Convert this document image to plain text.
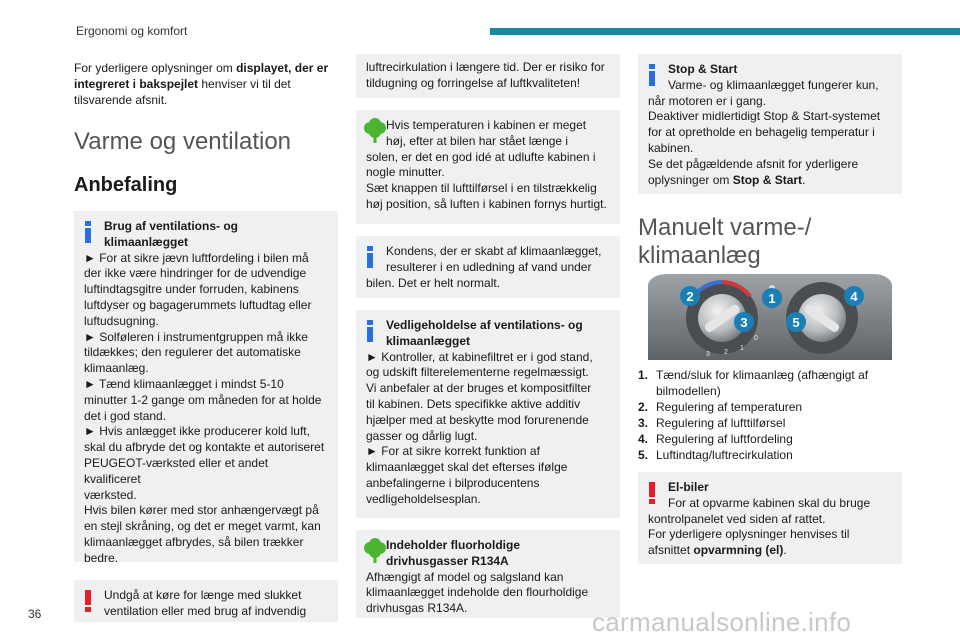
Ergonomi og komfort
For yderligere oplysninger om displayet, der er integreret i bakspejlet henviser vi til det tilsvarende afsnit.
Varme og ventilation
Anbefaling
Brug af ventilations- og
klimaanlægget
► For at sikre jævn luftfordeling i bilen må
der ikke være hindringer for de udvendige
luftindtagsgitre under forruden, kabinens
luftdyser og bagagerummets luftudtag eller
luftudsugning.
► Solføleren i instrumentgruppen må ikke
tildækkes; den regulerer det automatiske
klimaanlæg.
► Tænd klimaanlægget i mindst 5-10
minutter 1-2 gange om måneden for at holde
det i god stand.
► Hvis anlægget ikke producerer kold luft,
skal du afbryde det og kontakte et autoriseret
PEUGEOT-værksted eller et andet kvalificeret
værksted.
Hvis bilen kører med stor anhængervægt på
en stejl skråning, og det er meget varmt, kan
klimaanlægget afbrydes, så bilen trækker
bedre.
Undgå at køre for længe med slukket
ventilation eller med brug af indvendig
luftrecirkulation i længere tid. Der er risiko for
tildugning og forringelse af luftkvaliteten!
Hvis temperaturen i kabinen er meget
høj, efter at bilen har stået længe i
solen, er det en god idé at udlufte kabinen i
nogle minutter.
Sæt knappen til lufttilførsel i en tilstrækkelig
høj position, så luften i kabinen fornys hurtigt.
Kondens, der er skabt af klimaanlægget,
resulterer i en udledning af vand under
bilen. Det er helt normalt.
Vedligeholdelse af ventilations- og
klimaanlægget
► Kontroller, at kabinefiltret er i god stand,
og udskift filterelementerne regelmæssigt.
Vi anbefaler at der bruges et kompositfilter
til kabinen. Dets specifikke aktive additiv
hjælper med at beskytte mod forurenende
gasser og dårlig lugt.
► For at sikre korrekt funktion af
klimaanlægget skal det efterses ifølge
anbefalingerne i bilproducentens
vedligeholdelsesplan.
Indeholder fluorholdige
drivhusgasser R134A
Afhængigt af model og salgsland kan
klimaanlægget indeholde den flourholdige
drivhusgas R134A.
Stop & Start
Varme- og klimaanlægget fungerer kun,
når motoren er i gang.
Deaktiver midlertidigt Stop & Start-systemet
for at opretholde en behagelig temperatur i
kabinen.
Se det pågældende afsnit for yderligere
oplysninger om Stop & Start.
Manuelt varme-/
klimaanlæg
2	1
3
4
5
3 2
1
0
1. Tænd/sluk for klimaanlæg (afhængigt af
bilmodellen)
2. Regulering af temperaturen
3. Regulering af lufttilførsel
4. Regulering af luftfordeling
5. Luftindtag/luftrecirkulation
El-biler
For at opvarme kabinen skal du bruge
kontrolpanelet ved siden af rattet.
For yderligere oplysninger henvises til
afsnittet opvarmning (el).
36	carmanualsonline.info
